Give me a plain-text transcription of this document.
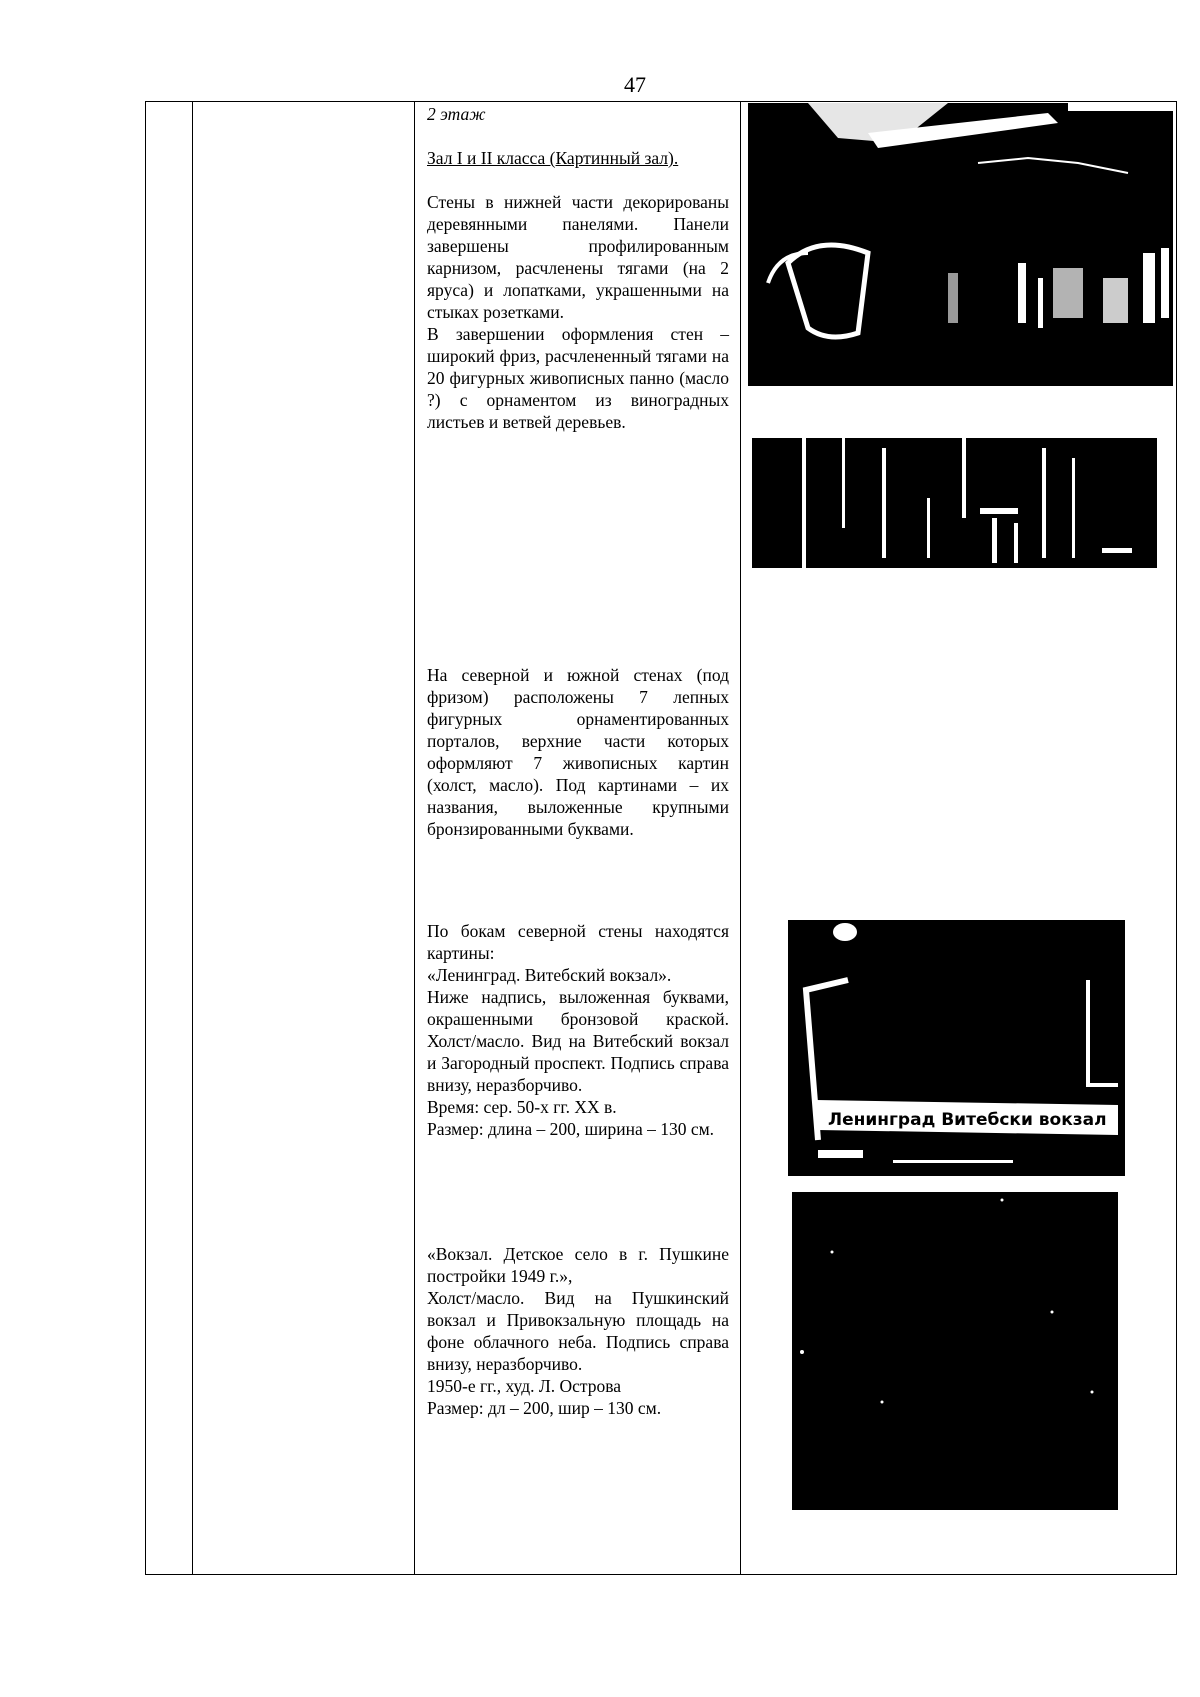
47

2 этаж

Зал I и II класса (Картинный зал).

Стены в нижней части декорированы деревянными панелями. Панели завершены профилированным карнизом, расчленены тягами (на 2 яруса) и лопатками, украшенными на стыках розетками.

В завершении оформления стен – широкий фриз, расчлененный тягами на 20 фигурных живописных панно (масло ?) с орнаментом из виноградных листьев и ветвей деревьев.

На северной и южной стенах (под фризом) расположены 7 лепных фигурных орнаментированных порталов, верхние части которых оформляют 7 живописных картин (холст, масло). Под картинами – их названия, выложенные крупными бронзированными буквами.

По бокам северной стены находятся картины:

«Ленинград. Витебский вокзал».

Ниже надпись, выложенная буквами, окрашенными бронзовой краской. Холст/масло. Вид на Витебский вокзал и Загородный проспект. Подпись справа внизу, неразборчиво.

Время: сер. 50-х гг. XX в.

Размер: длина – 200, ширина – 130 см.

«Вокзал. Детское село в г. Пушкине постройки 1949 г.»,

Холст/масло. Вид на Пушкинский вокзал и Привокзальную площадь на фоне облачного неба. Подпись справа внизу, неразборчиво.

1950-е гг., худ. Л. Острова

Размер: дл – 200, шир – 130 см.

Ленинград Витебски вокзал
